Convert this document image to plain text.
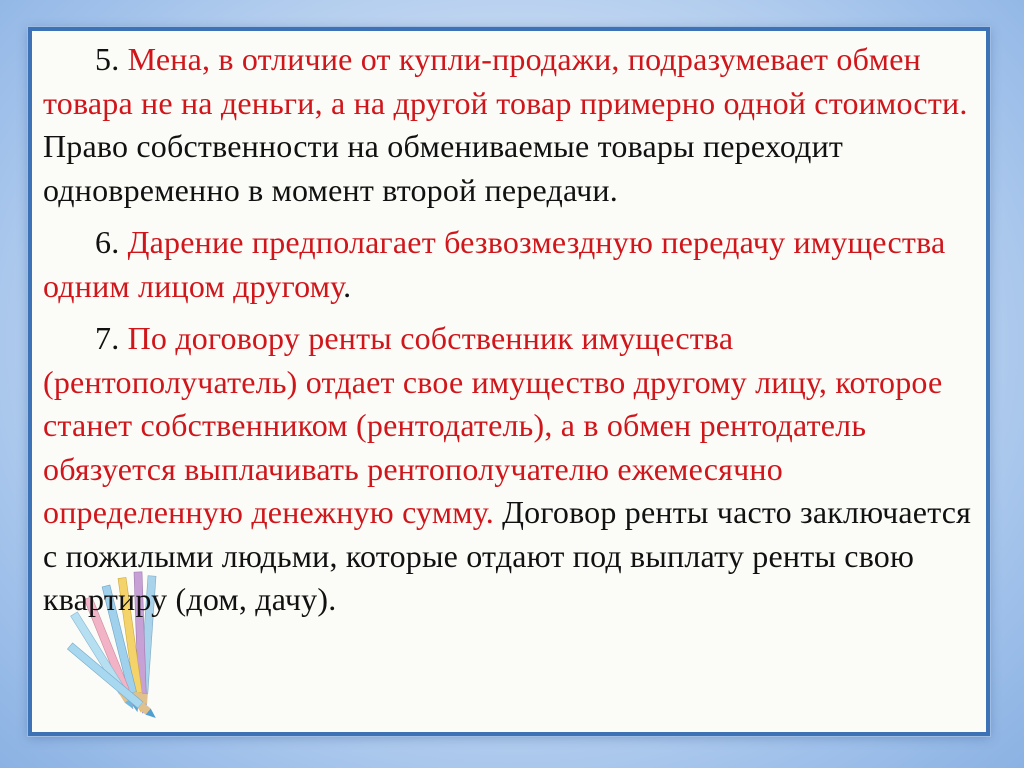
5. Мена, в отличие от купли-продажи, подразумевает обмен товара не на деньги, а на другой товар примерно одной стоимости. Право собственности на обмениваемые товары переходит одновременно в момент второй передачи.

6. Дарение предполагает безвозмездную передачу имущества одним лицом другому.

7. По договору ренты собственник имущества (рентополучатель) отдает свое имущество другому лицу, которое станет собственником (рентодатель), а в обмен рентодатель обязуется выплачивать рентополучателю ежемесячно определенную денежную сумму. Договор ренты часто заключается с пожилыми людьми, которые отдают под выплату ренты свою квартиру (дом, дачу).
